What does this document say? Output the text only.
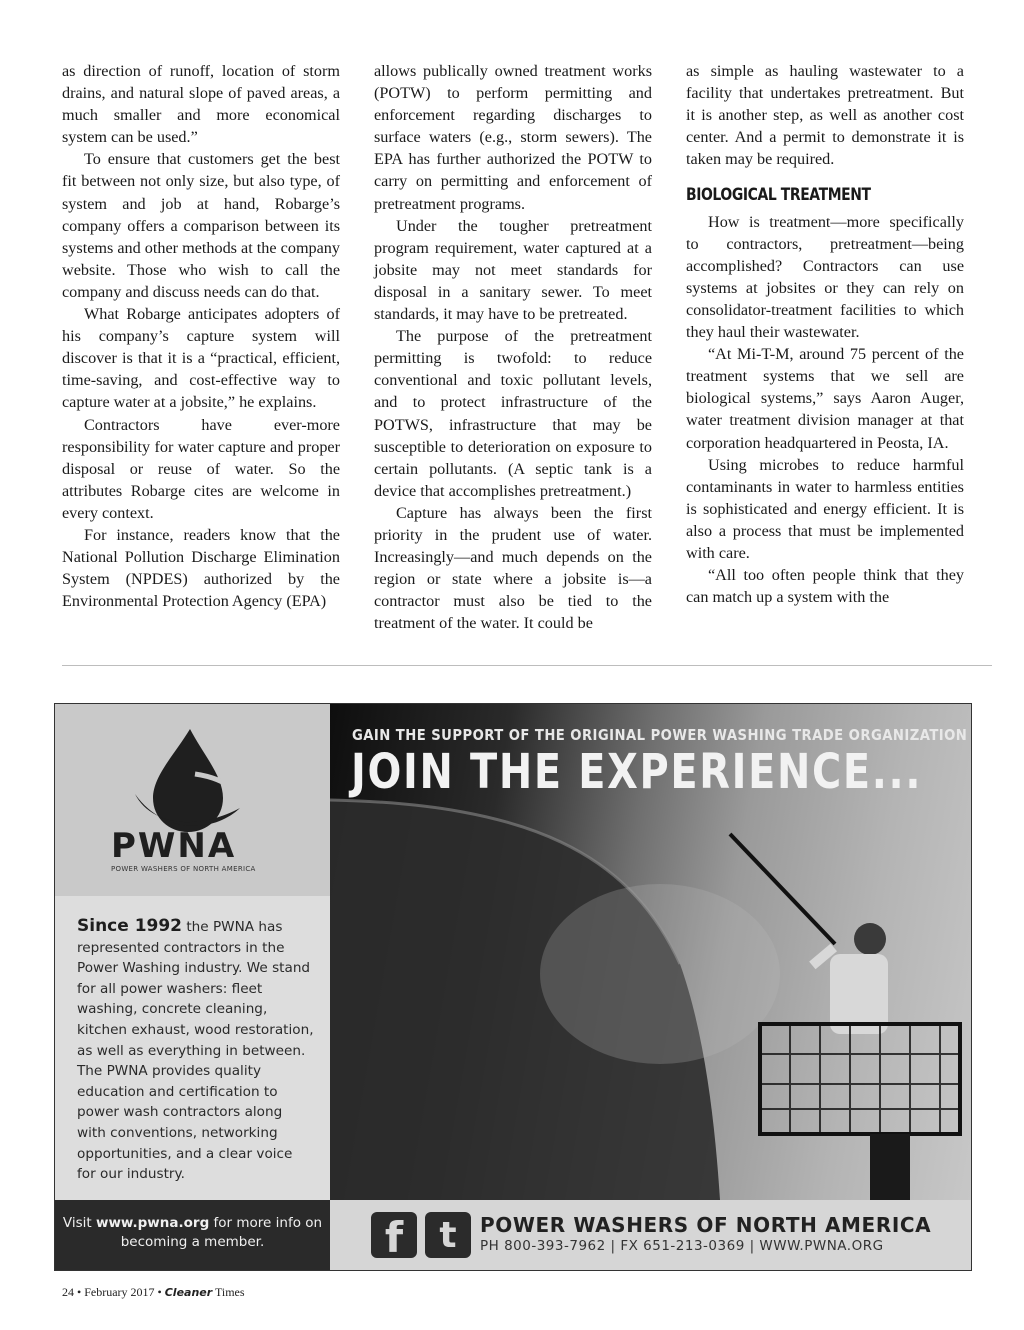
as direction of runoff, location of storm drains, and natural slope of paved areas, a much smaller and more economical system can be used.”

To ensure that customers get the best fit between not only size, but also type, of system and job at hand, Robarge’s company offers a comparison between its systems and other methods at the company website. Those who wish to call the company and discuss needs can do that.

What Robarge anticipates adopters of his company’s capture system will discover is that it is a “practical, efficient, time-saving, and cost-effective way to capture water at a jobsite,” he explains.

Contractors have ever-more responsibility for water capture and proper disposal or reuse of water. So the attributes Robarge cites are welcome in every context.

For instance, readers know that the National Pollution Discharge Elimination System (NPDES) authorized by the Environmental Protection Agency (EPA)

allows publically owned treatment works (POTW) to perform permitting and enforcement regarding discharges to surface waters (e.g., storm sewers). The EPA has further authorized the POTW to carry on permitting and enforcement of pretreatment programs.

Under the tougher pretreatment program requirement, water captured at a jobsite may not meet standards for disposal in a sanitary sewer. To meet standards, it may have to be pretreated.

The purpose of the pretreatment permitting is twofold: to reduce conventional and toxic pollutant levels, and to protect infrastructure of the POTWS, infrastructure that may be susceptible to deterioration on exposure to certain pollutants. (A septic tank is a device that accomplishes pretreatment.)

Capture has always been the first priority in the prudent use of water. Increasingly—and much depends on the region or state where a jobsite is—a contractor must also be tied to the treatment of the water. It could be

as simple as hauling wastewater to a facility that undertakes pretreatment. But it is another step, as well as another cost center. And a permit to demonstrate it is taken may be required.

BIOLOGICAL TREATMENT

How is treatment—more specifically to contractors, pretreatment—being accomplished? Contractors can use systems at jobsites or they can rely on consolidator-treatment facilities to which they haul their wastewater.

“At Mi-T-M, around 75 percent of the treatment systems that we sell are biological systems,” says Aaron Auger, water treatment division manager at that corporation headquartered in Peosta, IA.

Using microbes to reduce harmful contaminants in water to harmless entities is sophisticated and energy efficient. It is also a process that must be implemented with care.

“All too often people think that they can match up a system with the

PWNA
POWER WASHERS OF NORTH AMERICA
Since 1992 the PWNA has represented contractors in the Power Washing industry. We stand for all power washers: fleet washing, concrete cleaning, kitchen exhaust, wood restoration, as well as everything in between. The PWNA provides quality education and certification to power wash contractors along with conventions, networking opportunities, and a clear voice for our industry.
Visit www.pwna.org for more info on becoming a member.
GAIN THE SUPPORT OF THE ORIGINAL POWER WASHING TRADE ORGANIZATION
JOIN THE EXPERIENCE...
f	t	POWER WASHERS OF NORTH AMERICA
PH 800-393-7962 | FX 651-213-0369 | WWW.PWNA.ORG
24 • February 2017 • Cleaner Times
